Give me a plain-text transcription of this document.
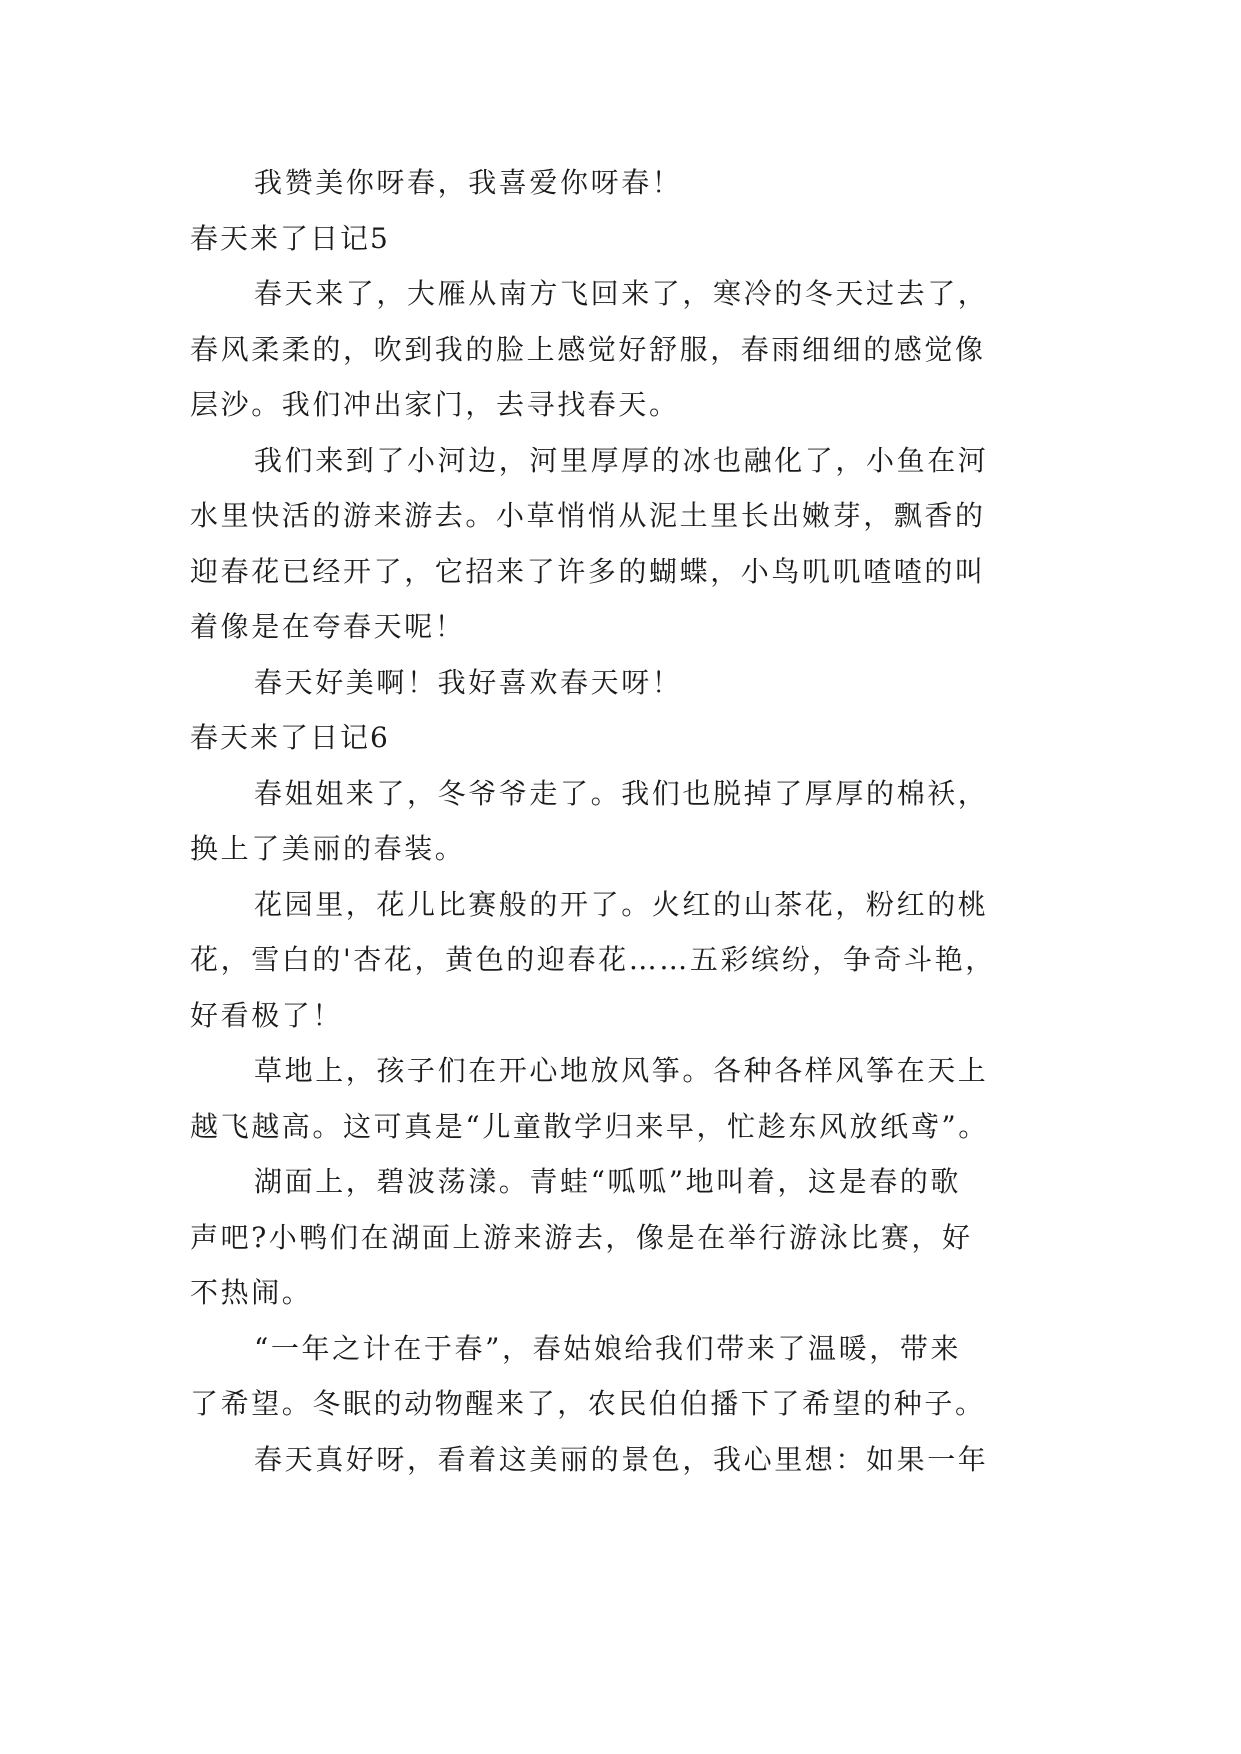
我赞美你呀春，我喜爱你呀春！
春天来了日记5
春天来了，大雁从南方飞回来了，寒冷的冬天过去了，
春风柔柔的，吹到我的脸上感觉好舒服，春雨细细的感觉像
层沙。我们冲出家门，去寻找春天。
我们来到了小河边，河里厚厚的冰也融化了，小鱼在河
水里快活的游来游去。小草悄悄从泥土里长出嫩芽，飘香的
迎春花已经开了，它招来了许多的蝴蝶，小鸟叽叽喳喳的叫
着像是在夸春天呢！
春天好美啊！我好喜欢春天呀！
春天来了日记6
春姐姐来了，冬爷爷走了。我们也脱掉了厚厚的棉袄，
换上了美丽的春装。
花园里，花儿比赛般的开了。火红的山茶花，粉红的桃
花，雪白的'杏花，黄色的迎春花……五彩缤纷，争奇斗艳，
好看极了！
草地上，孩子们在开心地放风筝。各种各样风筝在天上
越飞越高。这可真是“儿童散学归来早，忙趁东风放纸鸢”。
湖面上，碧波荡漾。青蛙“呱呱”地叫着，这是春的歌
声吧?小鸭们在湖面上游来游去，像是在举行游泳比赛，好
不热闹。
“一年之计在于春”，春姑娘给我们带来了温暖，带来
了希望。冬眠的动物醒来了，农民伯伯播下了希望的种子。
春天真好呀，看着这美丽的景色，我心里想：如果一年
